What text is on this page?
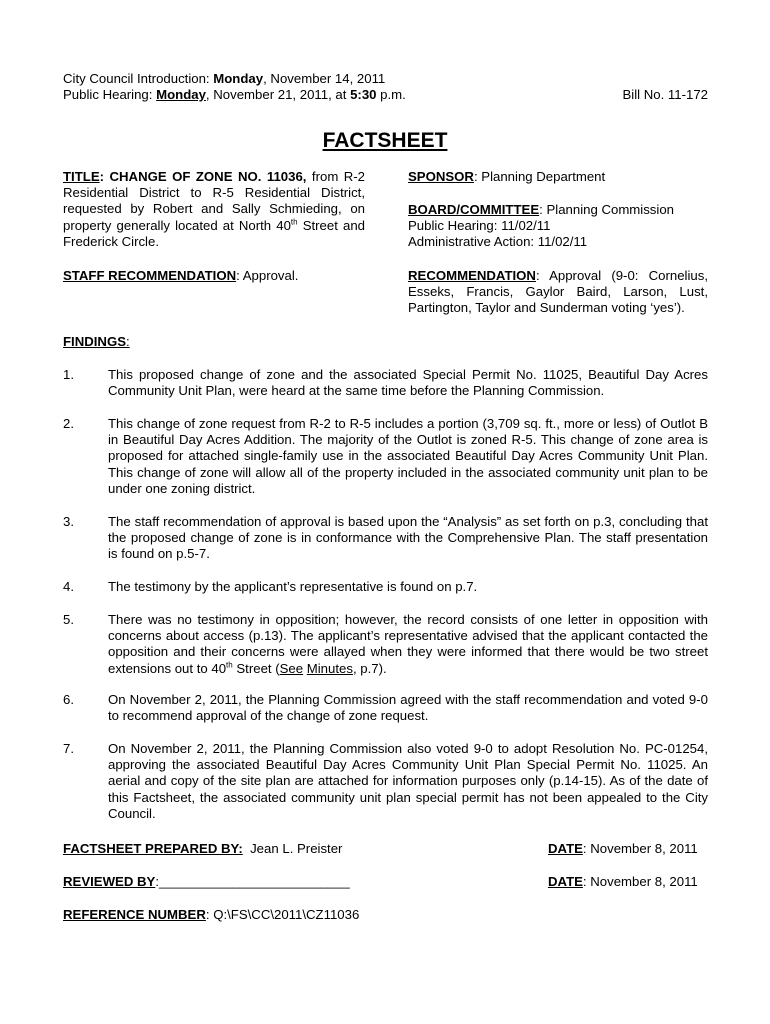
City Council Introduction: Monday, November 14, 2011
Public Hearing: Monday, November 21, 2011, at 5:30 p.m.	Bill No. 11-172
FACTSHEET
TITLE: CHANGE OF ZONE NO. 11036, from R-2 Residential District to R-5 Residential District, requested by Robert and Sally Schmieding, on property generally located at North 40th Street and Frederick Circle.
STAFF RECOMMENDATION: Approval.
SPONSOR: Planning Department
BOARD/COMMITTEE: Planning Commission
Public Hearing: 11/02/11
Administrative Action: 11/02/11
RECOMMENDATION: Approval (9-0: Cornelius, Esseks, Francis, Gaylor Baird, Larson, Lust, Partington, Taylor and Sunderman voting ‘yes’).
FINDINGS:
1.	This proposed change of zone and the associated Special Permit No. 11025, Beautiful Day Acres Community Unit Plan, were heard at the same time before the Planning Commission.
2.	This change of zone request from R-2 to R-5 includes a portion (3,709 sq. ft., more or less) of Outlot B in Beautiful Day Acres Addition. The majority of the Outlot is zoned R-5. This change of zone area is proposed for attached single-family use in the associated Beautiful Day Acres Community Unit Plan. This change of zone will allow all of the property included in the associated community unit plan to be under one zoning district.
3.	The staff recommendation of approval is based upon the “Analysis” as set forth on p.3, concluding that the proposed change of zone is in conformance with the Comprehensive Plan. The staff presentation is found on p.5-7.
4.	The testimony by the applicant’s representative is found on p.7.
5.	There was no testimony in opposition; however, the record consists of one letter in opposition with concerns about access (p.13). The applicant’s representative advised that the applicant contacted the opposition and their concerns were allayed when they were informed that there would be two street extensions out to 40th Street (See Minutes, p.7).
6.	On November 2, 2011, the Planning Commission agreed with the staff recommendation and voted 9-0 to recommend approval of the change of zone request.
7.	On November 2, 2011, the Planning Commission also voted 9-0 to adopt Resolution No. PC-01254, approving the associated Beautiful Day Acres Community Unit Plan Special Permit No. 11025. An aerial and copy of the site plan are attached for information purposes only (p.14-15). As of the date of this Factsheet, the associated community unit plan special permit has not been appealed to the City Council.
FACTSHEET PREPARED BY:  Jean L. Preister	DATE: November 8, 2011
REVIEWED BY:__________________________	DATE: November 8, 2011
REFERENCE NUMBER: Q:\FS\CC\2011\CZ11036
